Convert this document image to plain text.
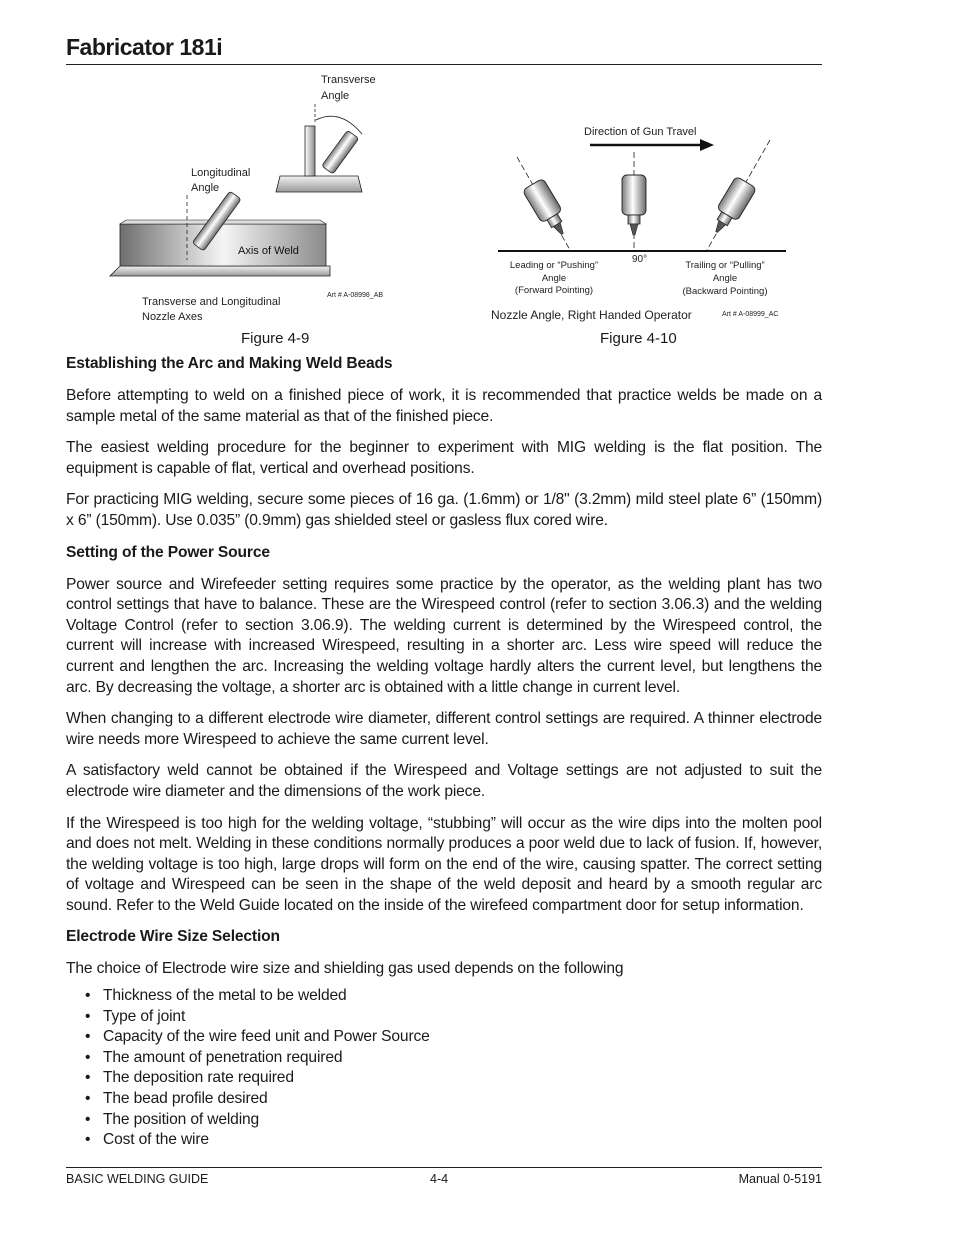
Fabricator 181i
Transverse
Angle
Longitudinal
Angle
Axis of Weld
Transverse and Longitudinal
Nozzle Axes
Art # A-08998_AB
Direction of Gun Travel
90°
Leading or “Pushing”
Angle
(Forward Pointing)
Trailing or “Pulling”
Angle
(Backward Pointing)
Nozzle Angle, Right Handed Operator	Art # A-08999_AC
Figure 4-9	Figure 4-10
Establishing the Arc and Making Weld Beads

Before attempting to weld on a finished piece of work, it is recommended that practice welds be made on a sample metal of the same material as that of the finished piece.

The easiest welding procedure for the beginner to experiment with MIG welding is the flat position. The equipment is capable of flat, vertical and overhead positions.

For practicing MIG welding, secure some pieces of 16 ga. (1.6mm) or 1/8" (3.2mm) mild steel plate 6” (150mm) x 6” (150mm). Use 0.035” (0.9mm) gas shielded steel or gasless flux cored wire.

Setting of the Power Source

Power source and Wirefeeder setting requires some practice by the operator, as the welding plant has two control settings that have to balance. These are the Wirespeed control (refer to section 3.06.3) and the welding Voltage Control (refer to section 3.06.9). The welding current is determined by the Wirespeed control, the current will increase with increased Wirespeed, resulting in a shorter arc. Less wire speed will reduce the current and lengthen the arc. Increasing the welding voltage hardly alters the current level, but lengthens the arc. By decreasing the voltage, a shorter arc is obtained with a little change in current level.

When changing to a different electrode wire diameter, different control settings are required. A thinner electrode wire needs more Wirespeed to achieve the same current level.

A satisfactory weld cannot be obtained if the Wirespeed and Voltage settings are not adjusted to suit the electrode wire diameter and the dimensions of the work piece.

If the Wirespeed is too high for the welding voltage, “stubbing” will occur as the wire dips into the molten pool and does not melt. Welding in these conditions normally produces a poor weld due to lack of fusion. If, however, the welding voltage is too high, large drops will form on the end of the wire, causing spatter. The correct setting of voltage and Wirespeed can be seen in the shape of the weld deposit and heard by a smooth regular arc sound. Refer to the Weld Guide located on the inside of the wirefeed compartment door for setup information.

Electrode Wire Size Selection

The choice of Electrode wire size and shielding gas used depends on the following

• Thickness of the metal to be welded
• Type of joint
• Capacity of the wire feed unit and Power Source
• The amount of penetration required
• The deposition rate required
• The bead profile desired
• The position of welding
• Cost of the wire
BASIC WELDING GUIDE	4-4	Manual 0-5191
